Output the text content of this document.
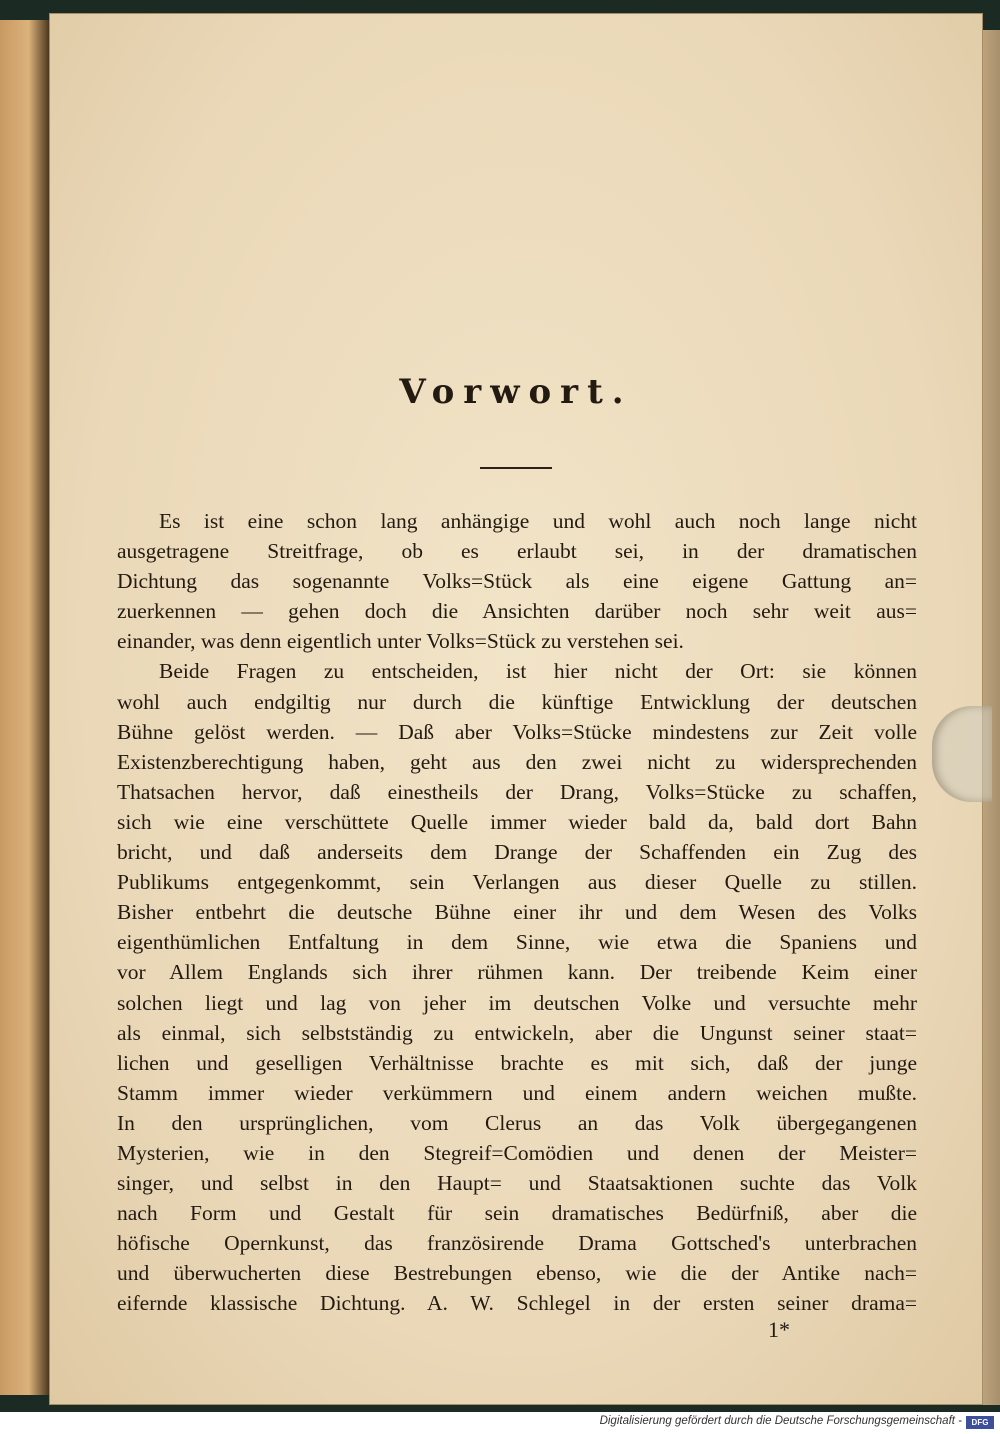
Vorwort.
Es ist eine schon lang anhängige und wohl auch noch lange nicht
ausgetragene Streitfrage, ob es erlaubt sei, in der dramatischen
Dichtung das sogenannte Volks=Stück als eine eigene Gattung an=
zuerkennen — gehen doch die Ansichten darüber noch sehr weit aus=
einander, was denn eigentlich unter Volks=Stück zu verstehen sei.
Beide Fragen zu entscheiden, ist hier nicht der Ort: sie können
wohl auch endgiltig nur durch die künftige Entwicklung der deutschen
Bühne gelöst werden. — Daß aber Volks=Stücke mindestens zur Zeit volle
Existenzberechtigung haben, geht aus den zwei nicht zu widersprechenden
Thatsachen hervor, daß einestheils der Drang, Volks=Stücke zu schaffen,
sich wie eine verschüttete Quelle immer wieder bald da, bald dort Bahn
bricht, und daß anderseits dem Drange der Schaffenden ein Zug des
Publikums entgegenkommt, sein Verlangen aus dieser Quelle zu stillen.
Bisher entbehrt die deutsche Bühne einer ihr und dem Wesen des Volks
eigenthümlichen Entfaltung in dem Sinne, wie etwa die Spaniens und
vor Allem Englands sich ihrer rühmen kann. Der treibende Keim einer
solchen liegt und lag von jeher im deutschen Volke und versuchte mehr
als einmal, sich selbstständig zu entwickeln, aber die Ungunst seiner staat=
lichen und geselligen Verhältnisse brachte es mit sich, daß der junge
Stamm immer wieder verkümmern und einem andern weichen mußte.
In den ursprünglichen, vom Clerus an das Volk übergegangenen
Mysterien, wie in den Stegreif=Comödien und denen der Meister=
singer, und selbst in den Haupt= und Staatsaktionen suchte das Volk
nach Form und Gestalt für sein dramatisches Bedürfniß, aber die
höfische Opernkunst, das französirende Drama Gottsched's unterbrachen
und überwucherten diese Bestrebungen ebenso, wie die der Antike nach=
eifernde klassische Dichtung. A. W. Schlegel in der ersten seiner drama=
1*
Digitalisierung gefördert durch die Deutsche Forschungsgemeinschaft -	DFG
